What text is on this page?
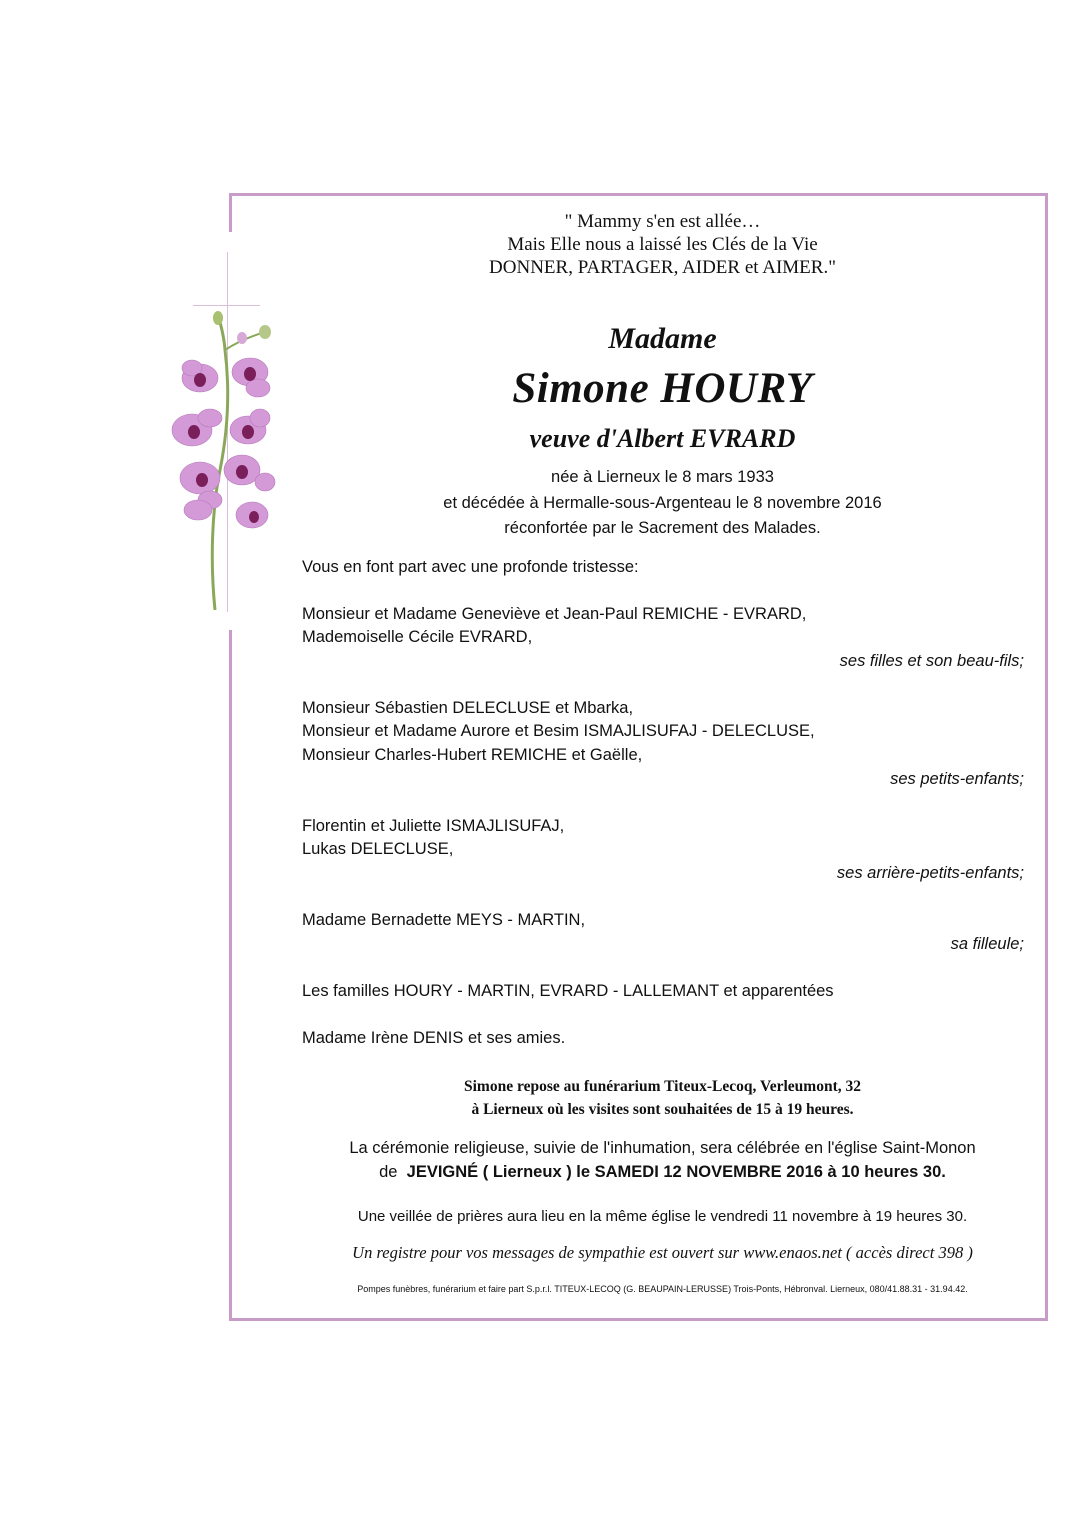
" Mammy s'en est allée…
Mais Elle nous a laissé les Clés de la Vie
DONNER, PARTAGER, AIDER et AIMER."
Madame
Simone HOURY
veuve d'Albert EVRARD
née à Lierneux le 8 mars 1933
et décédée à Hermalle-sous-Argenteau le 8 novembre 2016
réconfortée par le Sacrement des Malades.
Vous en font part avec une profonde tristesse:
Monsieur et Madame Geneviève et Jean-Paul REMICHE - EVRARD,
Mademoiselle Cécile EVRARD,
ses filles et son beau-fils;
Monsieur Sébastien DELECLUSE et Mbarka,
Monsieur et Madame Aurore et Besim ISMAJLISUFAJ - DELECLUSE,
Monsieur Charles-Hubert REMICHE et Gaëlle,
ses petits-enfants;
Florentin et Juliette ISMAJLISUFAJ,
Lukas DELECLUSE,
ses arrière-petits-enfants;
Madame Bernadette MEYS - MARTIN,
sa filleule;
Les familles HOURY - MARTIN, EVRARD - LALLEMANT et apparentées
Madame Irène DENIS et ses amies.
Simone repose au funérarium Titeux-Lecoq, Verleumont, 32
à Lierneux où les visites sont souhaitées de 15 à 19 heures.
La cérémonie religieuse, suivie de l'inhumation, sera célébrée en l'église Saint-Monon
de  JEVIGNÉ ( Lierneux ) le SAMEDI 12 NOVEMBRE 2016 à 10 heures 30.
Une veillée de prières aura lieu en la même église le vendredi 11 novembre à 19 heures 30.
Un registre pour vos messages de sympathie est ouvert sur www.enaos.net ( accès direct 398 )
Pompes funèbres, funérarium et faire part S.p.r.l. TITEUX-LECOQ (G. BEAUPAIN-LERUSSE) Trois-Ponts, Hébronval. Lierneux, 080/41.88.31 - 31.94.42.
